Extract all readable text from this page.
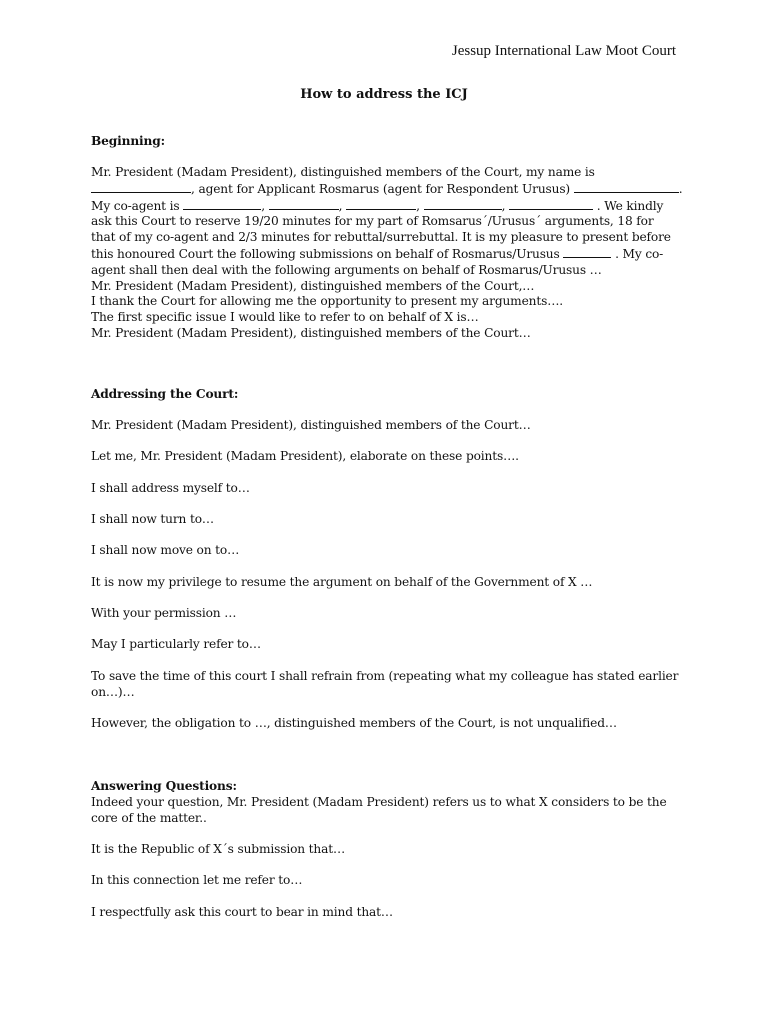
Jessup International Law Moot Court
How to address the ICJ
Beginning:
Mr. President (Madam President), distinguished members of the Court, my name is
, agent for Applicant Rosmarus (agent for Respondent Urusus)	.
My co-agent is	,	,	,	,	. We kindly
ask this Court to reserve 19/20 minutes for my part of Romsarus´/Urusus´ arguments, 18 for
that of my co-agent and 2/3 minutes for rebuttal/surrebuttal. It is my pleasure to present before
this honoured Court the following submissions on behalf of Rosmarus/Urusus	. My co-
agent shall then deal with the following arguments on behalf of Rosmarus/Urusus …
Mr. President (Madam President), distinguished members of the Court,…
I thank the Court for allowing me the opportunity to present my arguments….
The first specific issue I would like to refer to on behalf of X is…
Mr. President (Madam President), distinguished members of the Court…
Addressing the Court:
Mr. President (Madam President), distinguished members of the Court…
Let me, Mr. President (Madam President), elaborate on these points….
I shall address myself to…
I shall now turn to…
I shall now move on to…
It is now my privilege to resume the argument on behalf of the Government of X …
With your permission …
May I particularly refer to…
To save the time of this court I shall refrain from (repeating what my colleague has stated earlier
on…)…
However, the obligation to …, distinguished members of the Court, is not unqualified…
Answering Questions:
Indeed your question, Mr. President (Madam President) refers us to what X considers to be the
core of the matter..
It is the Republic of X´s submission that…
In this connection let me refer to…
I respectfully ask this court to bear in mind that…
